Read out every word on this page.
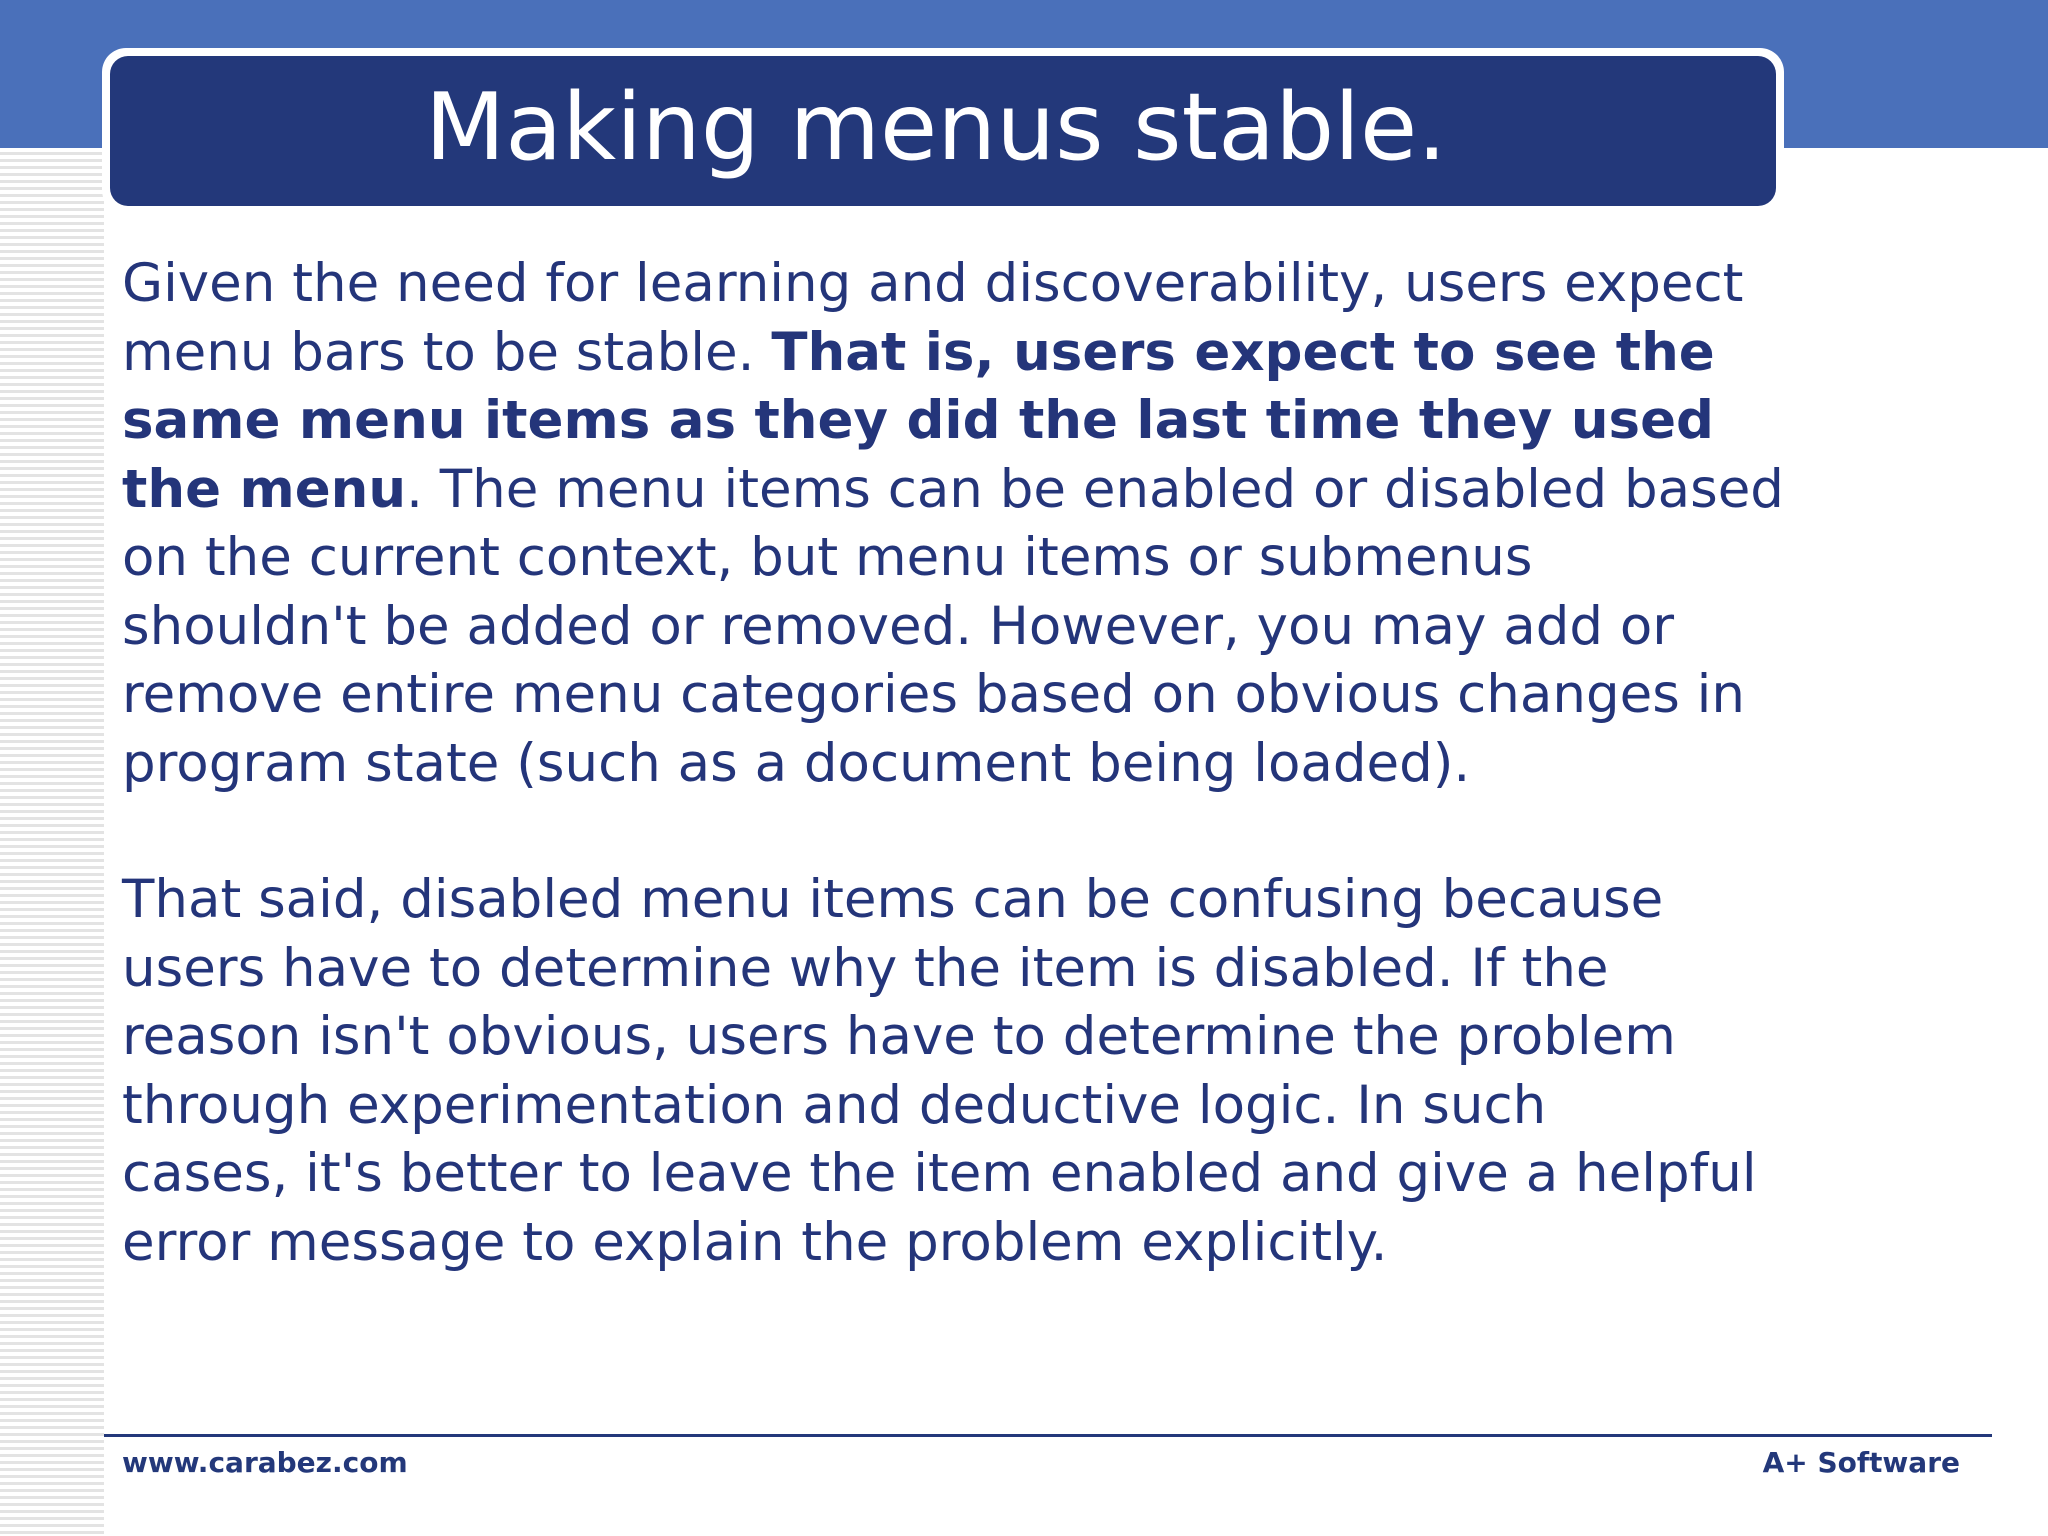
Making menus stable.

Given the need for learning and discoverability, users expect
menu bars to be stable. That is, users expect to see the
same menu items as they did the last time they used
the menu. The menu items can be enabled or disabled based
on the current context, but menu items or submenus
shouldn't be added or removed. However, you may add or
remove entire menu categories based on obvious changes in
program state (such as a document being loaded).

That said, disabled menu items can be confusing because
users have to determine why the item is disabled. If the
reason isn't obvious, users have to determine the problem
through experimentation and deductive logic. In such
cases, it's better to leave the item enabled and give a helpful
error message to explain the problem explicitly.

www.carabez.com	A+ Software
